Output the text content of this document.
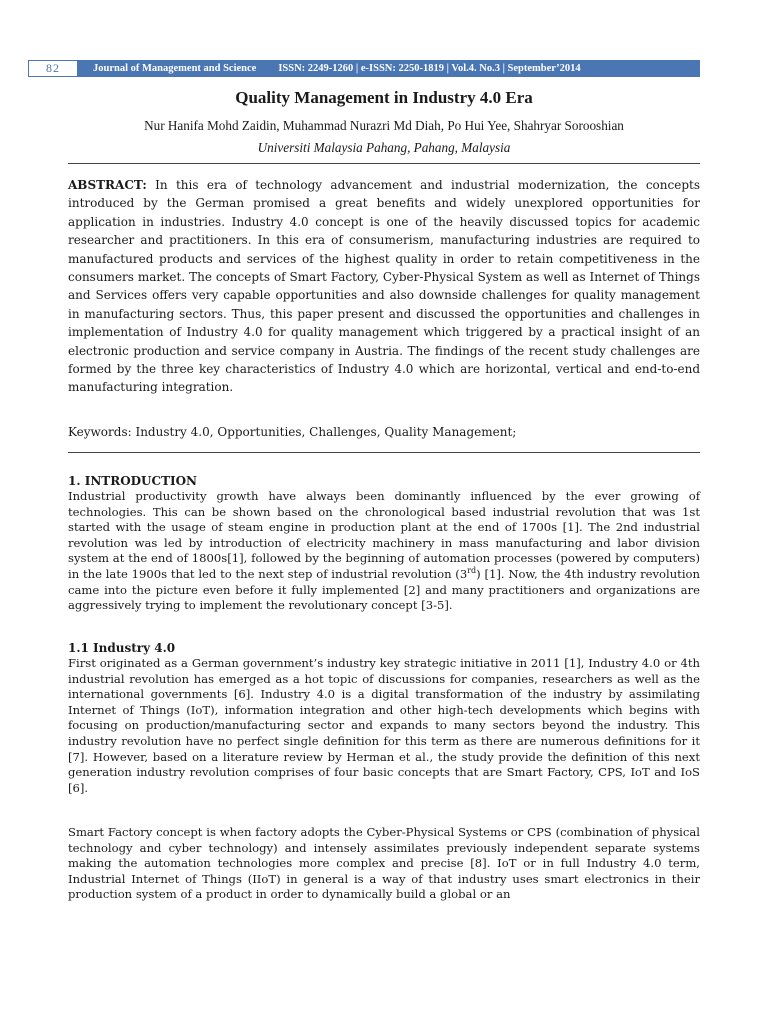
82	Journal of Management and Science ISSN: 2249-1260 | e-ISSN: 2250-1819 | Vol.4. No.3 | September’2014
Quality Management in Industry 4.0 Era
Nur Hanifa Mohd Zaidin, Muhammad Nurazri Md Diah, Po Hui Yee, Shahryar Sorooshian
Universiti Malaysia Pahang, Pahang, Malaysia

ABSTRACT: In this era of technology advancement and industrial modernization, the concepts introduced by the German promised a great benefits and widely unexplored opportunities for application in industries. Industry 4.0 concept is one of the heavily discussed topics for academic researcher and practitioners. In this era of consumerism, manufacturing industries are required to manufactured products and services of the highest quality in order to retain competitiveness in the consumers market. The concepts of Smart Factory, Cyber-Physical System as well as Internet of Things and Services offers very capable opportunities and also downside challenges for quality management in manufacturing sectors. Thus, this paper present and discussed the opportunities and challenges in implementation of Industry 4.0 for quality management which triggered by a practical insight of an electronic production and service company in Austria. The findings of the recent study challenges are formed by the three key characteristics of Industry 4.0 which are horizontal, vertical and end-to-end manufacturing integration.

Keywords: Industry 4.0, Opportunities, Challenges, Quality Management;

1. INTRODUCTION

Industrial productivity growth have always been dominantly influenced by the ever growing of technologies. This can be shown based on the chronological based industrial revolution that was 1st started with the usage of steam engine in production plant at the end of 1700s [1]. The 2nd industrial revolution was led by introduction of electricity machinery in mass manufacturing and labor division system at the end of 1800s[1], followed by the beginning of automation processes (powered by computers) in the late 1900s that led to the next step of industrial revolution (3rd) [1]. Now, the 4th industry revolution came into the picture even before it fully implemented [2] and many practitioners and organizations are aggressively trying to implement the revolutionary concept [3-5].

1.1 Industry 4.0

First originated as a German government’s industry key strategic initiative in 2011 [1], Industry 4.0 or 4th industrial revolution has emerged as a hot topic of discussions for companies, researchers as well as the international governments [6]. Industry 4.0 is a digital transformation of the industry by assimilating Internet of Things (IoT), information integration and other high-tech developments which begins with focusing on production/manufacturing sector and expands to many sectors beyond the industry. This industry revolution have no perfect single definition for this term as there are numerous definitions for it [7]. However, based on a literature review by Herman et al., the study provide the definition of this next generation industry revolution comprises of four basic concepts that are Smart Factory, CPS, IoT and IoS [6].

Smart Factory concept is when factory adopts the Cyber-Physical Systems or CPS (combination of physical technology and cyber technology) and intensely assimilates previously independent separate systems making the automation technologies more complex and precise [8]. IoT or in full Industry 4.0 term, Industrial Internet of Things (IIoT) in general is a way of that industry uses smart electronics in their production system of a product in order to dynamically build a global or an
